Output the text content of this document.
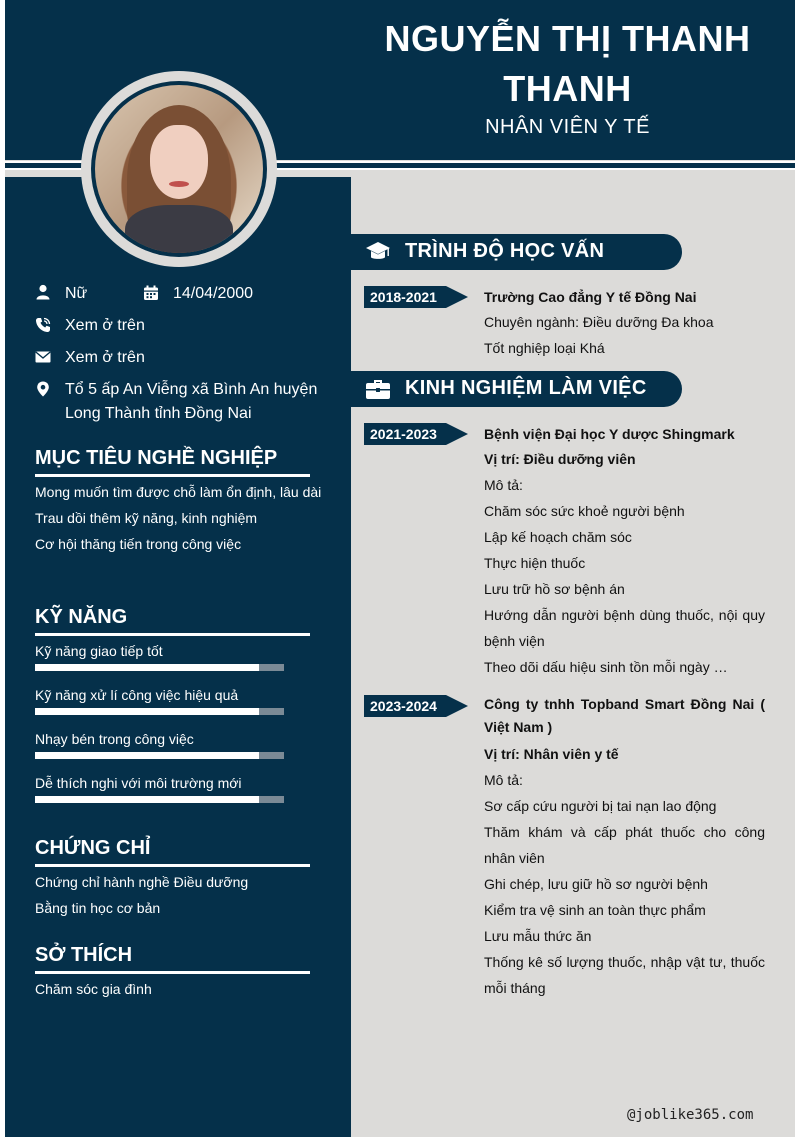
NGUYỄN THỊ THANH THANH
NHÂN VIÊN Y TẾ
Nữ	14/04/2000
Xem ở trên
Xem ở trên
Tổ 5 ấp An Viễng xã Bình An huyện Long Thành tỉnh Đồng Nai
MỤC TIÊU NGHỀ NGHIỆP
Mong muốn tìm được chỗ làm ổn định, lâu dài
Trau dồi thêm kỹ năng, kinh nghiệm
Cơ hội thăng tiến trong công việc
KỸ NĂNG
Kỹ năng giao tiếp tốt
Kỹ năng xử lí công việc hiệu quả
Nhạy bén trong công việc
Dễ thích nghi với môi trường mới
CHỨNG CHỈ
Chứng chỉ hành nghề Điều dưỡng
Bằng tin học cơ bản
SỞ THÍCH
Chăm sóc gia đình
TRÌNH ĐỘ HỌC VẤN
2018-2021	Trường Cao đẳng Y tế Đồng Nai
Chuyên ngành: Điều dưỡng Đa khoa
Tốt nghiệp loại Khá
KINH NGHIỆM LÀM VIỆC
2021-2023	Bệnh viện Đại học Y dược Shingmark
Vị trí: Điều dưỡng viên
Mô tả:
Chăm sóc sức khoẻ người bệnh
Lập kế hoạch chăm sóc
Thực hiện thuốc
Lưu trữ hồ sơ bệnh án
Hướng dẫn người bệnh dùng thuốc, nội quy bệnh viện
Theo dõi dấu hiệu sinh tồn mỗi ngày …
2023-2024	Công ty tnhh Topband Smart Đồng Nai ( Việt Nam )
Vị trí: Nhân viên y tế
Mô tả:
Sơ cấp cứu người bị tai nạn lao động
Thăm khám và cấp phát thuốc cho công nhân viên
Ghi chép, lưu giữ hồ sơ người bệnh
Kiểm tra vệ sinh an toàn thực phẩm
Lưu mẫu thức ăn
Thống kê số lượng thuốc, nhập vật tư, thuốc mỗi tháng
@joblike365.com
